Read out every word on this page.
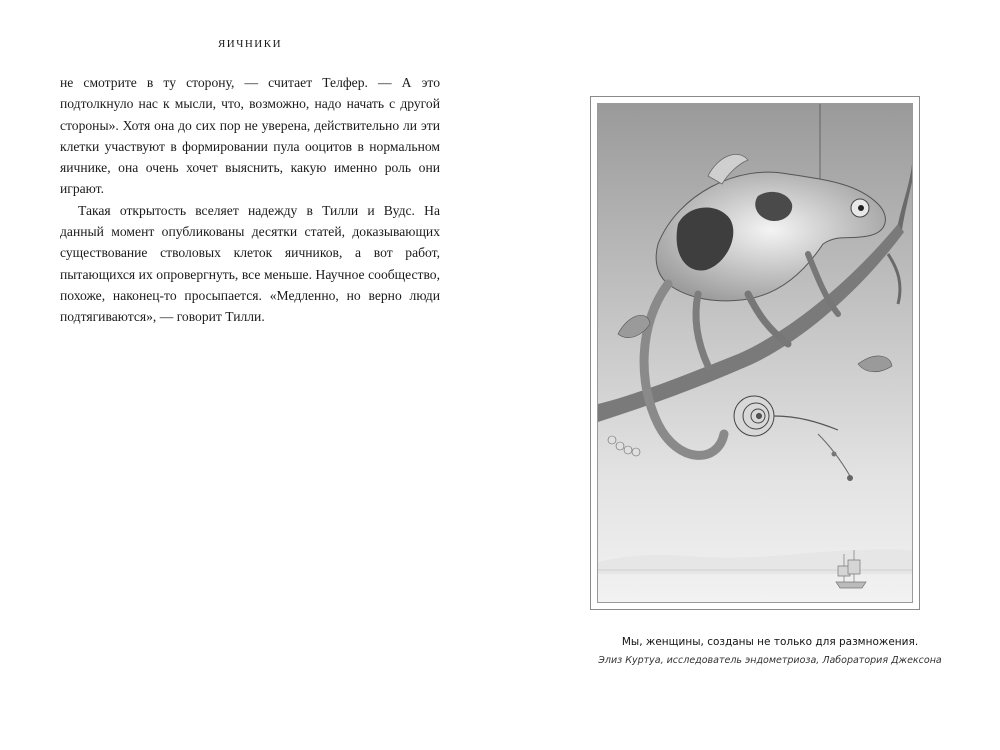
ЯИЧНИКИ

не смотрите в ту сторону, — считает Телфер. — А это подтолкнуло нас к мысли, что, возможно, надо начать с другой стороны». Хотя она до сих пор не уверена, действительно ли эти клетки участвуют в формировании пула ооцитов в нормальном яичнике, она очень хочет выяснить, какую именно роль они играют.

Такая открытость вселяет надежду в Тилли и Вудс. На данный момент опубликованы десятки статей, доказывающих существование стволовых клеток яичников, а вот работ, пытающихся их опровергнуть, все меньше. Научное сообщество, похоже, наконец-то просыпается. «Медленно, но верно люди подтягиваются», — говорит Тилли.

Мы, женщины, созданы не только для размножения.
Элиз Куртуа, исследователь эндометриоза, Лаборатория Джексона
